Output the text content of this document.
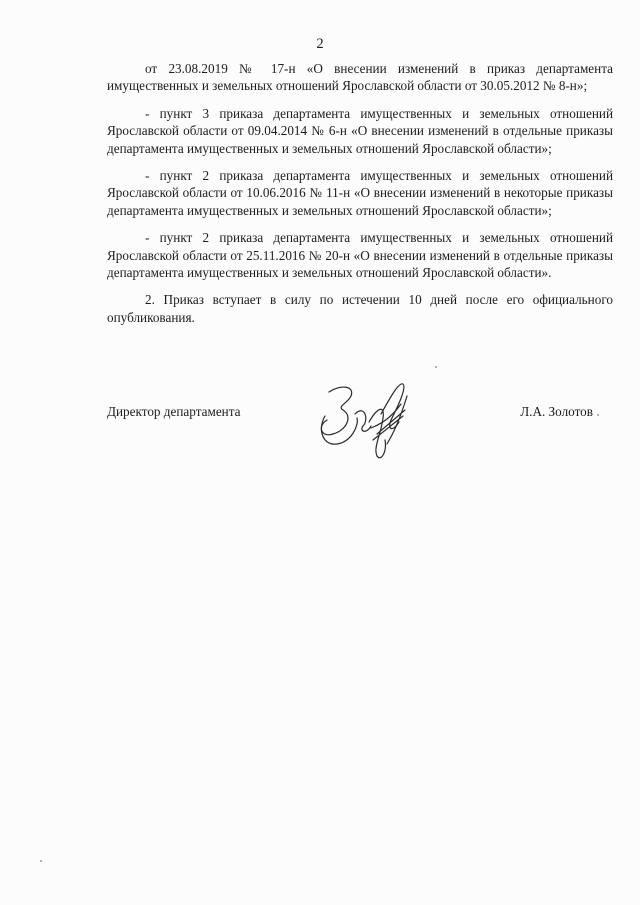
2

от 23.08.2019 № 17-н «О внесении изменений в приказ департамента имущественных и земельных отношений Ярославской области от 30.05.2012 № 8-н»;

- пункт 3 приказа департамента имущественных и земельных отношений Ярославской области от 09.04.2014 № 6-н «О внесении изменений в отдельные приказы департамента имущественных и земельных отношений Ярославской области»;

- пункт 2 приказа департамента имущественных и земельных отношений Ярославской области от 10.06.2016 № 11-н «О внесении изменений в некоторые приказы департамента имущественных и земельных отношений Ярославской области»;

- пункт 2 приказа департамента имущественных и земельных отношений Ярославской области от 25.11.2016 № 20-н «О внесении изменений в отдельные приказы департамента имущественных и земельных отношений Ярославской области».

2. Приказ вступает в силу по истечении 10 дней после его официального опубликования.

Директор департамента	Л.А. Золотов
